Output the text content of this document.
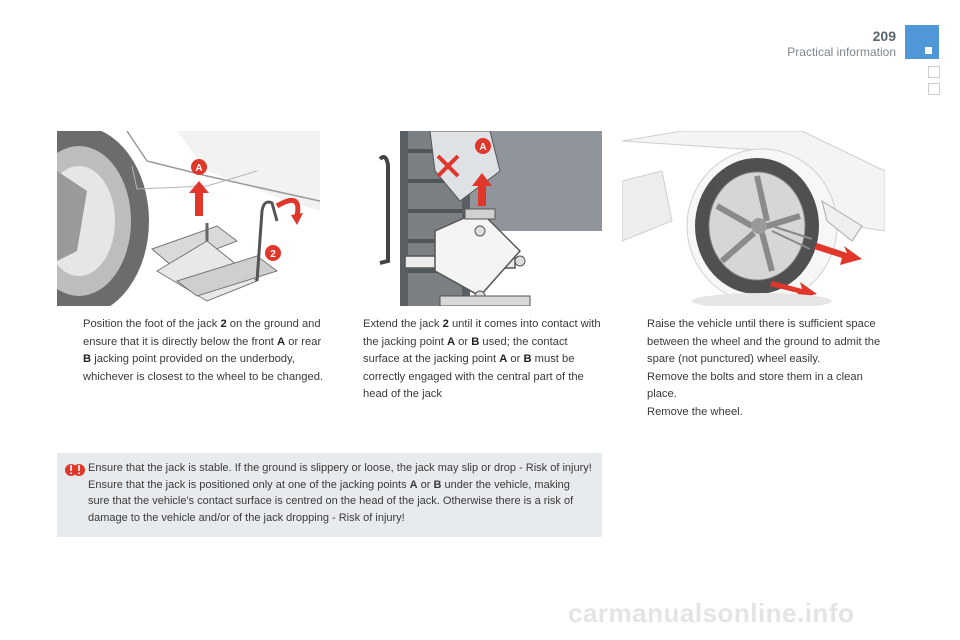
209
Practical information
A
2
A

Position the foot of the jack 2 on the ground and ensure that it is directly below the front A or rear B jacking point provided on the underbody, whichever is closest to the wheel to be changed.

Extend the jack 2 until it comes into contact with the jacking point A or B used; the contact surface at the jacking point A or B must be correctly engaged with the central part of the head of the jack

Raise the vehicle until there is sufficient space between the wheel and the ground to admit the spare (not punctured) wheel easily.

Remove the bolts and store them in a clean place.

Remove the wheel.

Ensure that the jack is stable. If the ground is slippery or loose, the jack may slip or drop - Risk of injury!

Ensure that the jack is positioned only at one of the jacking points A or B under the vehicle, making sure that the vehicle's contact surface is centred on the head of the jack. Otherwise there is a risk of damage to the vehicle and/or of the jack dropping - Risk of injury!

carmanualsonline.info
